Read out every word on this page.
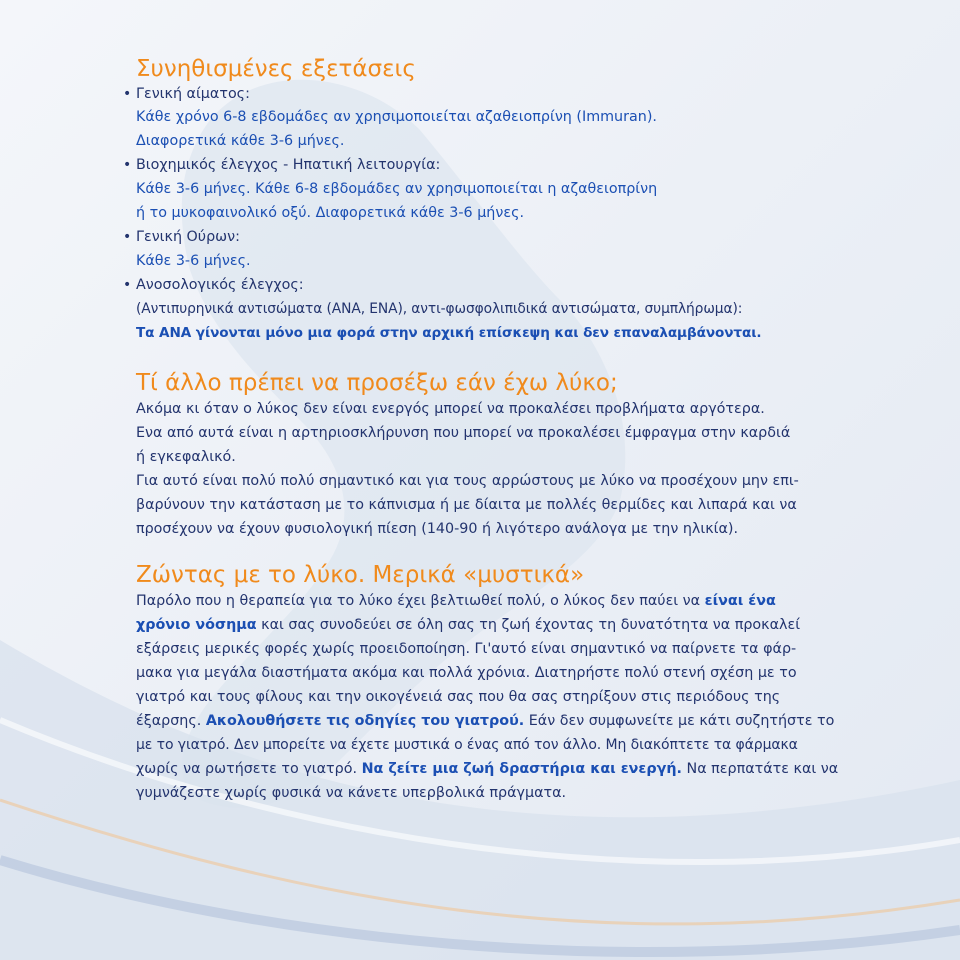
Συνηθισμένες εξετάσεις
• Γενική αίματος:
Κάθε χρόνο 6-8 εβδομάδες αν χρησιμοποιείται αζαθειοπρίνη (Immuran).
Διαφορετικά κάθε 3-6 μήνες.
• Βιοχημικός έλεγχος - Ηπατική λειτουργία:
Κάθε 3-6 μήνες. Κάθε 6-8 εβδομάδες αν χρησιμοποιείται η αζαθειοπρίνη
ή το μυκοφαινολικό οξύ. Διαφορετικά κάθε 3-6 μήνες.
• Γενική Ούρων:
Κάθε 3-6 μήνες.
• Ανοσολογικός έλεγχος:
(Αντιπυρηνικά αντισώματα (ΑΝΑ, ΕΝΑ), αντι-φωσφολιπιδικά αντισώματα, συμπλήρωμα):
Τα ΑΝΑ γίνονται μόνο μια φορά στην αρχική επίσκεψη και δεν επαναλαμβάνονται.
Τί άλλο πρέπει να προσέξω εάν έχω λύκο;
Ακόμα κι όταν ο λύκος δεν είναι ενεργός μπορεί να προκαλέσει προβλήματα αργότερα.
Ενα από αυτά είναι η αρτηριοσκλήρυνση που μπορεί να προκαλέσει έμφραγμα στην καρδιά
ή εγκεφαλικό.
Για αυτό είναι πολύ πολύ σημαντικό και για τους αρρώστους με λύκο να προσέχουν μην επι-
βαρύνουν την κατάσταση με το κάπνισμα ή με δίαιτα με πολλές θερμίδες και λιπαρά και να
προσέχουν να έχουν φυσιολογική πίεση (140-90 ή λιγότερο ανάλογα με την ηλικία).
Ζώντας με το λύκο. Μερικά «μυστικά»
Παρόλο που η θεραπεία για το λύκο έχει βελτιωθεί πολύ, ο λύκος δεν παύει να είναι ένα
χρόνιο νόσημα και σας συνοδεύει σε όλη σας τη ζωή έχοντας τη δυνατότητα να προκαλεί
εξάρσεις μερικές φορές χωρίς προειδοποίηση. Γι'αυτό είναι σημαντικό να παίρνετε τα φάρ-
μακα για μεγάλα διαστήματα ακόμα και πολλά χρόνια. Διατηρήστε πολύ στενή σχέση με το
γιατρό και τους φίλους και την οικογένειά σας που θα σας στηρίξουν στις περιόδους της
έξαρσης. Ακολουθήσετε τις οδηγίες του γιατρού. Εάν δεν συμφωνείτε με κάτι συζητήστε το
με το γιατρό. Δεν μπορείτε να έχετε μυστικά ο ένας από τον άλλο. Μη διακόπτετε τα φάρμακα
χωρίς να ρωτήσετε το γιατρό. Να ζείτε μια ζωή δραστήρια και ενεργή. Να περπατάτε και να
γυμνάζεστε χωρίς φυσικά να κάνετε υπερβολικά πράγματα.
